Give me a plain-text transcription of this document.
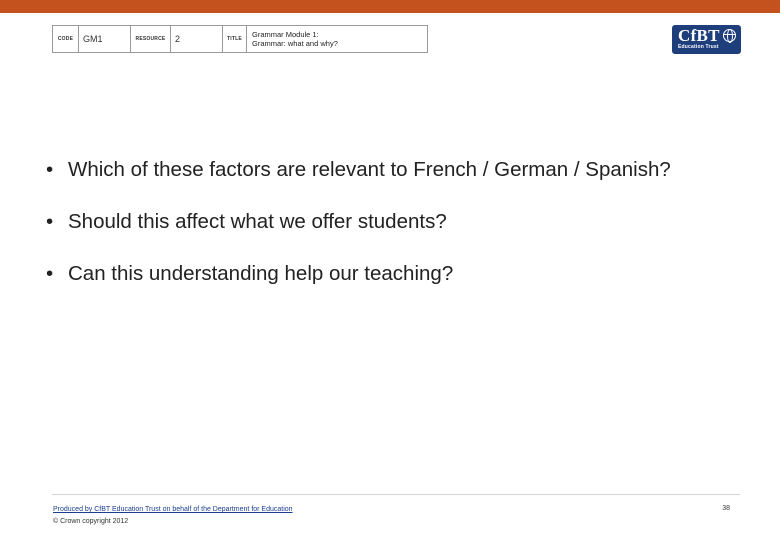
CODE	GM1	RESOURCE	2	TITLE	Grammar Module 1:
Grammar: what and why?	CfBT
Education Trust
• Which of these factors are relevant to French / German / Spanish?
• Should this affect what we offer students?
• Can this understanding help our teaching?
Produced by CfBT Education Trust on behalf of the Department for Education
© Crown copyright 2012
38
